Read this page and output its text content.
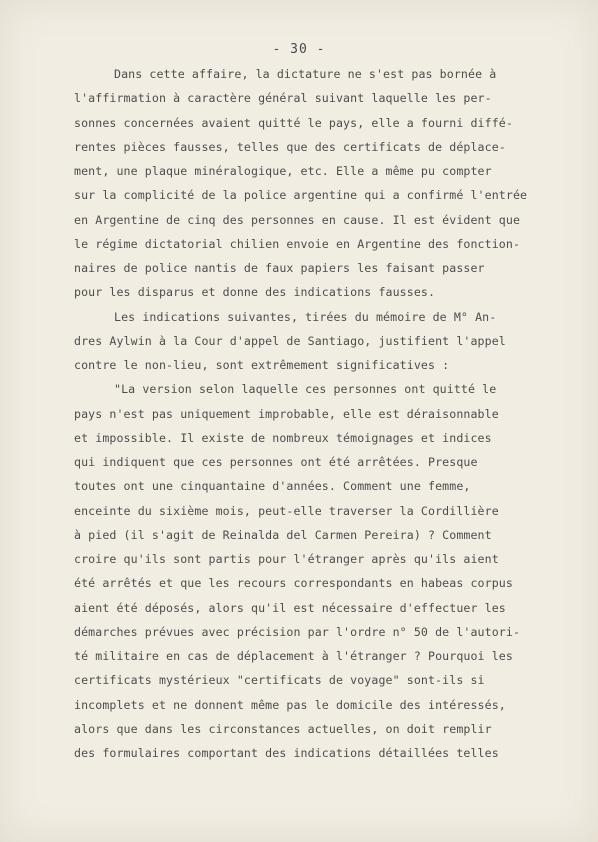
- 30 -
Dans cette affaire, la dictature ne s'est pas bornée à
l'affirmation à caractère général suivant laquelle les per-
sonnes concernées avaient quitté le pays, elle a fourni diffé-
rentes pièces fausses, telles que des certificats de déplace-
ment, une plaque minéralogique, etc. Elle a même pu compter
sur la complicité de la police argentine qui a confirmé l'entrée
en Argentine de cinq des personnes en cause. Il est évident que
le régime dictatorial chilien envoie en Argentine des fonction-
naires de police nantis de faux papiers les faisant passer
pour les disparus et donne des indications fausses.
Les indications suivantes, tirées du mémoire de M° An-
dres Aylwin à la Cour d'appel de Santiago, justifient l'appel
contre le non-lieu, sont extrêmement significatives :
"La version selon laquelle ces personnes ont quitté le
pays n'est pas uniquement improbable, elle est déraisonnable
et impossible. Il existe de nombreux témoignages et indices
qui indiquent que ces personnes ont été arrêtées. Presque
toutes ont une cinquantaine d'années. Comment une femme,
enceinte du sixième mois, peut-elle traverser la Cordillière
à pied (il s'agit de Reinalda del Carmen Pereira) ? Comment
croire qu'ils sont partis pour l'étranger après qu'ils aient
été arrêtés et que les recours correspondants en habeas corpus
aient été déposés, alors qu'il est nécessaire d'effectuer les
démarches prévues avec précision par l'ordre n° 50 de l'autori-
té militaire en cas de déplacement à l'étranger ? Pourquoi les
certificats mystérieux "certificats de voyage" sont-ils si
incomplets et ne donnent même pas le domicile des intéressés,
alors que dans les circonstances actuelles, on doit remplir
des formulaires comportant des indications détaillées telles
